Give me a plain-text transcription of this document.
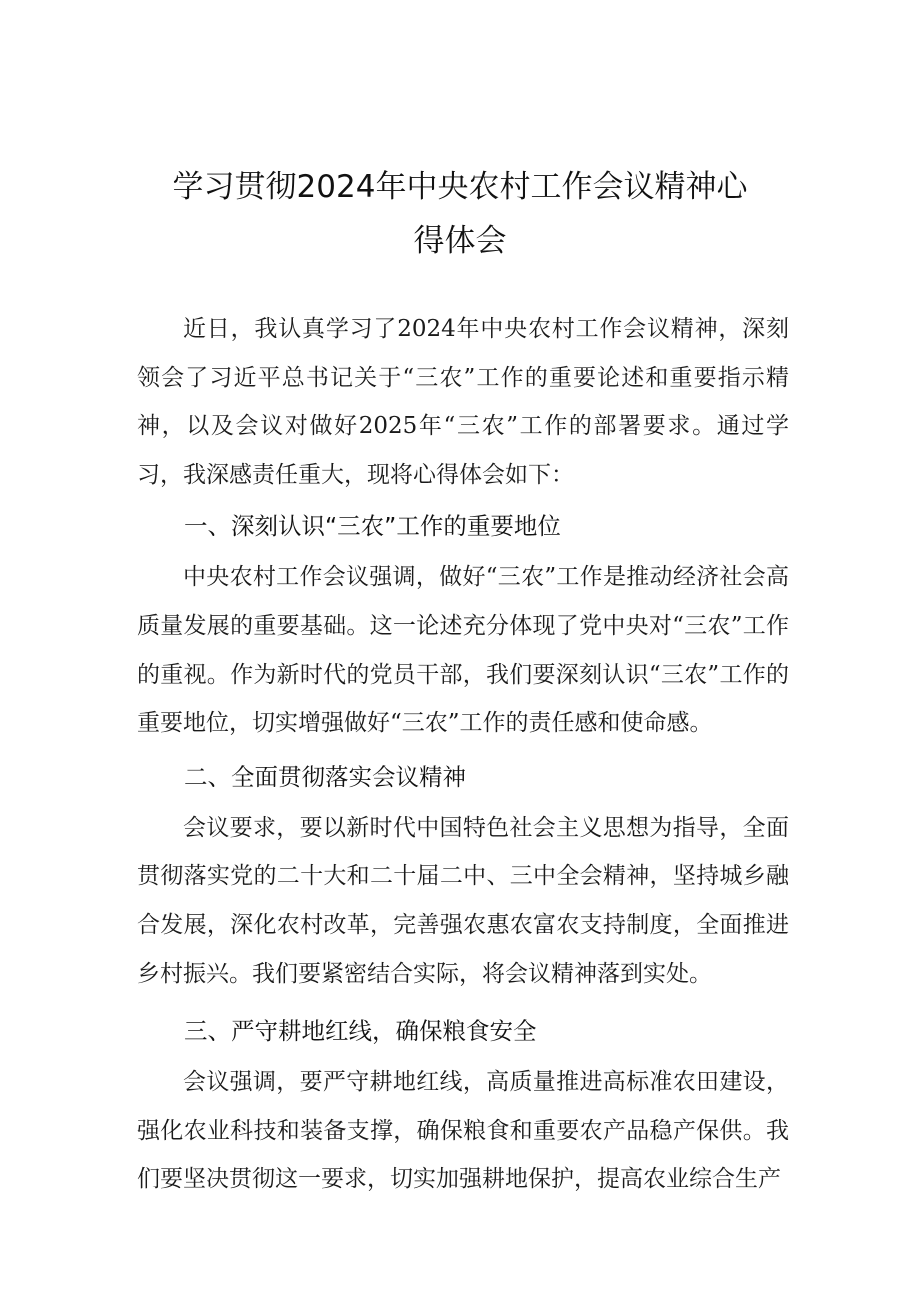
学习贯彻2024年中央农村工作会议精神心
得体会

近日，我认真学习了2024年中央农村工作会议精神，深刻领会了习近平总书记关于“三农”工作的重要论述和重要指示精神，以及会议对做好2025年“三农”工作的部署要求。通过学习，我深感责任重大，现将心得体会如下：

一、深刻认识“三农”工作的重要地位

中央农村工作会议强调，做好“三农”工作是推动经济社会高质量发展的重要基础。这一论述充分体现了党中央对“三农”工作的重视。作为新时代的党员干部，我们要深刻认识“三农”工作的重要地位，切实增强做好“三农”工作的责任感和使命感。

二、全面贯彻落实会议精神

会议要求，要以新时代中国特色社会主义思想为指导，全面贯彻落实党的二十大和二十届二中、三中全会精神，坚持城乡融合发展，深化农村改革，完善强农惠农富农支持制度，全面推进乡村振兴。我们要紧密结合实际，将会议精神落到实处。

三、严守耕地红线，确保粮食安全

会议强调，要严守耕地红线，高质量推进高标准农田建设，强化农业科技和装备支撑，确保粮食和重要农产品稳产保供。我们要坚决贯彻这一要求，切实加强耕地保护，提高农业综合生产
